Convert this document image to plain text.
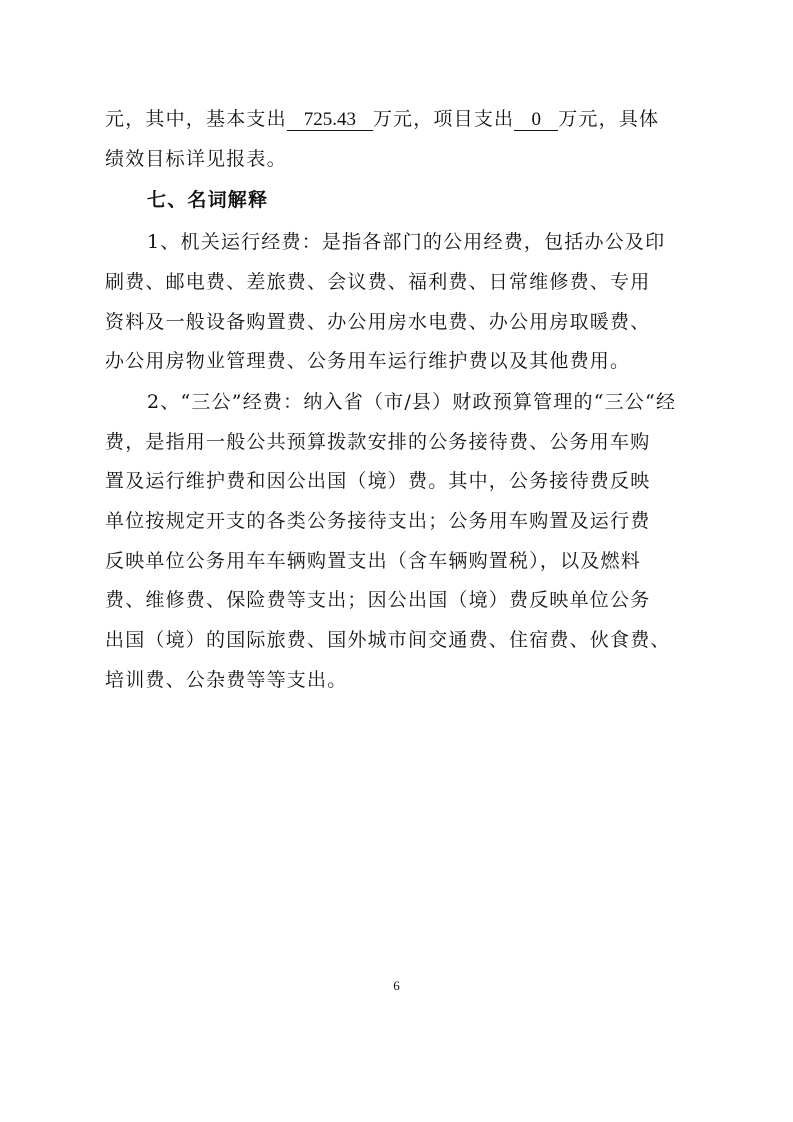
元，其中，基本支出 725.43 万元，项目支出 0 万元，具体
绩效目标详见报表。
七、名词解释
1、机关运行经费：是指各部门的公用经费，包括办公及印
刷费、邮电费、差旅费、会议费、福利费、日常维修费、专用
资料及一般设备购置费、办公用房水电费、办公用房取暖费、
办公用房物业管理费、公务用车运行维护费以及其他费用。
2、“三公”经费：纳入省（市/县）财政预算管理的“三公“经
费，是指用一般公共预算拨款安排的公务接待费、公务用车购
置及运行维护费和因公出国（境）费。其中，公务接待费反映
单位按规定开支的各类公务接待支出；公务用车购置及运行费
反映单位公务用车车辆购置支出（含车辆购置税），以及燃料
费、维修费、保险费等支出；因公出国（境）费反映单位公务
出国（境）的国际旅费、国外城市间交通费、住宿费、伙食费、
培训费、公杂费等等支出。
6
